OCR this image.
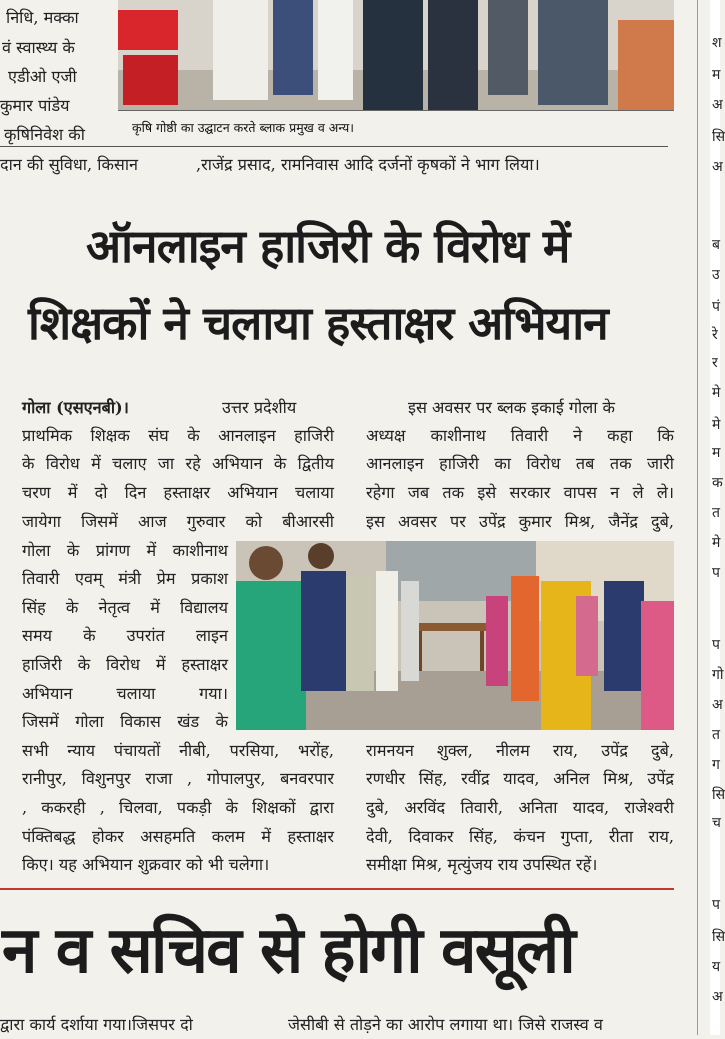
कृषि गोष्ठी का उद्घाटन करते ब्लाक प्रमुख व अन्य।
निधि, मक्का
वं स्वास्थ्य के
एडीओ एजी
कुमार पांडेय
कृषिनिवेश की
दान की सुविधा, किसान	,राजेंद्र प्रसाद, रामनिवास आदि दर्जनों कृषकों ने भाग लिया।
ऑनलाइन हाजिरी के विरोध में
शिक्षकों ने चलाया हस्ताक्षर अभियान
गोला (एसएनबी)।	उत्तर प्रदेशीय
प्राथमिक शिक्षक संघ के आनलाइन हाजिरी
के विरोध में चलाए जा रहे अभियान के द्वितीय
चरण में दो दिन हस्ताक्षर अभियान चलाया
जायेगा जिसमें आज गुरुवार को बीआरसी
गोला के प्रांगण में काशीनाथ
तिवारी एवम् मंत्री प्रेम प्रकाश
सिंह के नेतृत्व में विद्यालय
समय के उपरांत लाइन
हाजिरी के विरोध में हस्ताक्षर
अभियान चलाया गया।
जिसमें गोला विकास खंड के
सभी न्याय पंचायतों नीबी, परसिया, भरोंह,
रानीपुर, विशुनपुर राजा , गोपालपुर, बनवरपार
, ककरही , चिलवा, पकड़ी के शिक्षकों द्वारा
पंक्तिबद्ध होकर असहमति कलम में हस्ताक्षर
किए। यह अभियान शुक्रवार को भी चलेगा।
इस अवसर पर ब्लक इकाई गोला के
अध्यक्ष काशीनाथ तिवारी ने कहा कि
आनलाइन हाजिरी का विरोध तब तक जारी
रहेगा जब तक इसे सरकार वापस न ले ले।
इस अवसर पर उपेंद्र कुमार मिश्र, जैनेंद्र दुबे,
रामनयन शुक्ल, नीलम राय, उपेंद्र दुबे,
रणधीर सिंह, रवींद्र यादव, अनिल मिश्र, उपेंद्र
दुबे, अरविंद तिवारी, अनिता यादव, राजेश्वरी
देवी, दिवाकर सिंह, कंचन गुप्ता, रीता राय,
समीक्षा मिश्र, मृत्युंजय राय उपस्थित रहें।
न व सचिव से होगी वसूली
द्वारा कार्य दर्शाया गया।जिसपर दो	जेसीबी से तोड़ने का आरोप लगाया था। जिसे राजस्व व
श
म
अ
सि
अ
ब
उ
पं
रे
र
मे
मे
म
क
त
मे
प
प
गो
अ
त
ग
सि
च
प
सि
य
अ
